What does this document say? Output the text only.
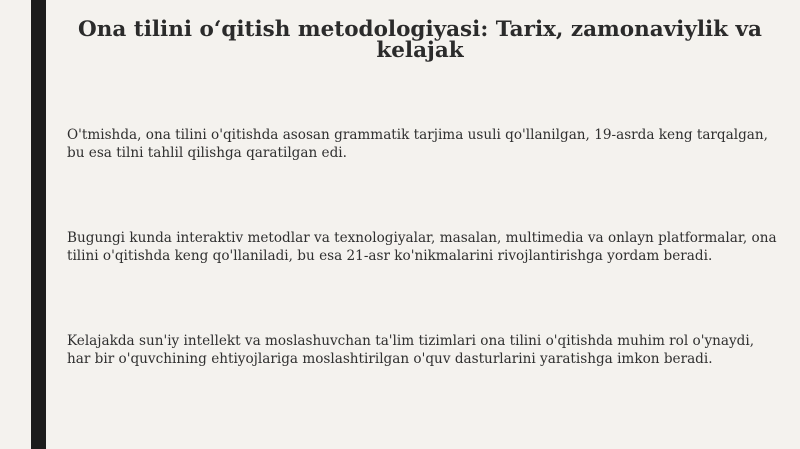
Ona tilini o‘qitish metodologiyasi: Tarix, zamonaviylik va kelajak

O'tmishda, ona tilini o'qitishda asosan grammatik tarjima usuli qo'llanilgan, 19-asrda keng tarqalgan, bu esa tilni tahlil qilishga qaratilgan edi.

Bugungi kunda interaktiv metodlar va texnologiyalar, masalan, multimedia va onlayn platformalar, ona tilini o'qitishda keng qo'llaniladi, bu esa 21-asr ko'nikmalarini rivojlantirishga yordam beradi.

Kelajakda sun'iy intellekt va moslashuvchan ta'lim tizimlari ona tilini o'qitishda muhim rol o'ynaydi, har bir o'quvchining ehtiyojlariga moslashtirilgan o'quv dasturlarini yaratishga imkon beradi.
